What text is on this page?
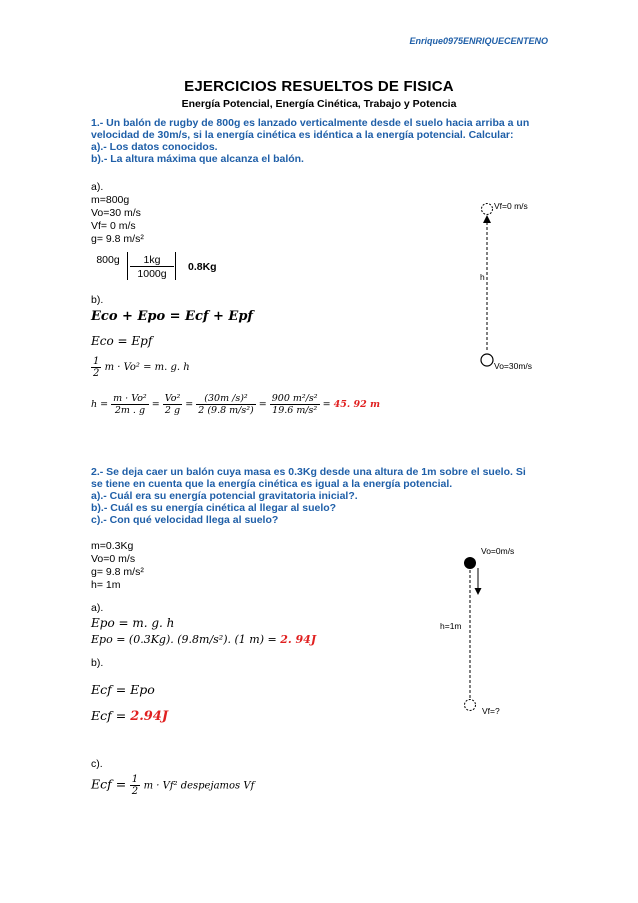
Enrique0975ENRIQUECENTENO
EJERCICIOS RESUELTOS DE FISICA
Energía Potencial, Energía Cinética, Trabajo y Potencia
1.- Un balón de rugby de 800g es lanzado verticalmente desde el suelo hacia arriba a un
velocidad de 30m/s, si la energía cinética es idéntica a la energía potencial. Calcular:
a).- Los datos conocidos.
b).- La altura máxima que alcanza el balón.
a).
m=800g
Vo=30 m/s
Vf= 0 m/s
g= 9.8 m/s²
800g	1kg
1000g
0.8Kg
b).
Eco + Epo = Ecf + Epf
Eco = Epf
$\frac{1}{2}$ m · Vo² = m. g. h
$h = \frac{\text{m · Vo²}}{2m . g} = \frac{\text{Vo²}}{2 g} = \frac{\text{(30m /s)²}}{\text{2 (9.8 m/s²)}} = \frac{\text{900 m²/s²}}{\text{19.6 m/s²}} = 45$. 92 m
Vf=0 m/s
h
Vo=30m/s
2.- Se deja caer un balón cuya masa es 0.3Kg desde una altura de 1m sobre el suelo. Si
se tiene en cuenta que la energía cinética es igual a la energía potencial.
a).- Cuál era su energía potencial gravitatoria inicial?.
b).- Cuál es su energía cinética al llegar al suelo?
c).- Con qué velocidad llega al suelo?
m=0.3Kg
Vo=0 m/s
g= 9.8 m/s²
h= 1m
a).
Epo = m. g. h
Epo = (0.3Kg). (9.8m/s²). (1 m) = 2. 94J
b).
Ecf = Epo
Ecf = 2.94J
c).
Ecf = $\frac{1}{2}$ m · Vf² despejamos Vf
Vo=0m/s
h=1m
Vf=?
